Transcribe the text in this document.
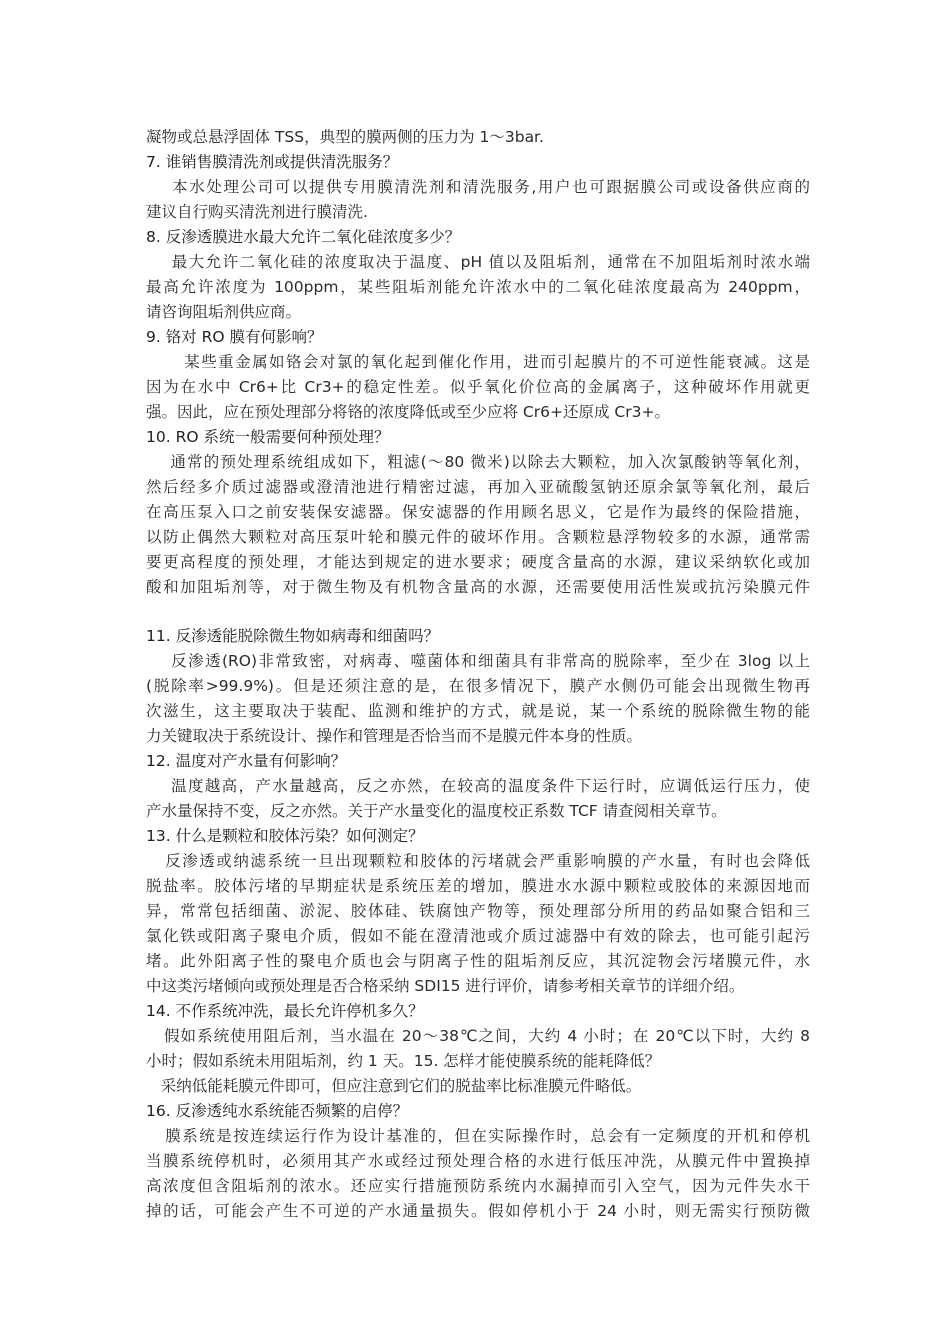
凝物或总悬浮固体 TSS，典型的膜两侧的压力为 1～3bar.
7. 谁销售膜清洗剂或提供清洗服务？
本水处理公司可以提供专用膜清洗剂和清洗服务,用户也可跟据膜公司或设备供应商的
建议自行购买清洗剂进行膜清洗.
8. 反渗透膜进水最大允许二氧化硅浓度多少？
最大允许二氧化硅的浓度取决于温度、pH 值以及阻垢剂，通常在不加阻垢剂时浓水端
最高允许浓度为 100ppm，某些阻垢剂能允许浓水中的二氧化硅浓度最高为 240ppm，
请咨询阻垢剂供应商。
9. 铬对 RO 膜有何影响？
某些重金属如铬会对氯的氧化起到催化作用，进而引起膜片的不可逆性能衰减。这是
因为在水中 Cr6+比 Cr3+的稳定性差。似乎氧化价位高的金属离子，这种破坏作用就更
强。因此，应在预处理部分将铬的浓度降低或至少应将 Cr6+还原成 Cr3+。
10. RO 系统一般需要何种预处理？
通常的预处理系统组成如下，粗滤(～80 微米)以除去大颗粒，加入次氯酸钠等氧化剂，
然后经多介质过滤器或澄清池进行精密过滤，再加入亚硫酸氢钠还原余氯等氧化剂，最后
在高压泵入口之前安装保安滤器。保安滤器的作用顾名思义，它是作为最终的保险措施，
以防止偶然大颗粒对高压泵叶轮和膜元件的破坏作用。含颗粒悬浮物较多的水源，通常需
要更高程度的预处理，才能达到规定的进水要求；硬度含量高的水源，建议采纳软化或加
酸和加阻垢剂等，对于微生物及有机物含量高的水源，还需要使用活性炭或抗污染膜元件
11. 反渗透能脱除微生物如病毒和细菌吗？
反渗透(RO)非常致密，对病毒、噬菌体和细菌具有非常高的脱除率，至少在 3log 以上
(脱除率>99.9%)。但是还须注意的是，在很多情况下，膜产水侧仍可能会出现微生物再
次滋生，这主要取决于装配、监测和维护的方式，就是说，某一个系统的脱除微生物的能
力关键取决于系统设计、操作和管理是否恰当而不是膜元件本身的性质。
12. 温度对产水量有何影响？
温度越高，产水量越高，反之亦然，在较高的温度条件下运行时，应调低运行压力，使
产水量保持不变，反之亦然。关于产水量变化的温度校正系数 TCF 请查阅相关章节。
13. 什么是颗粒和胶体污染？如何测定？
反渗透或纳滤系统一旦出现颗粒和胶体的污堵就会严重影响膜的产水量，有时也会降低
脱盐率。胶体污堵的早期症状是系统压差的增加，膜进水水源中颗粒或胶体的来源因地而
异，常常包括细菌、淤泥、胶体硅、铁腐蚀产物等，预处理部分所用的药品如聚合铝和三
氯化铁或阳离子聚电介质，假如不能在澄清池或介质过滤器中有效的除去，也可能引起污
堵。此外阳离子性的聚电介质也会与阴离子性的阻垢剂反应，其沉淀物会污堵膜元件，水
中这类污堵倾向或预处理是否合格采纳 SDI15 进行评价，请参考相关章节的详细介绍。
14. 不作系统冲洗，最长允许停机多久？
假如系统使用阻后剂，当水温在 20～38℃之间，大约 4 小时；在 20℃以下时，大约 8
小时；假如系统未用阻垢剂，约 1 天。15. 怎样才能使膜系统的能耗降低？
采纳低能耗膜元件即可，但应注意到它们的脱盐率比标准膜元件略低。
16. 反渗透纯水系统能否频繁的启停？
膜系统是按连续运行作为设计基准的，但在实际操作时，总会有一定频度的开机和停机
当膜系统停机时，必须用其产水或经过预处理合格的水进行低压冲洗，从膜元件中置换掉
高浓度但含阻垢剂的浓水。还应实行措施预防系统内水漏掉而引入空气，因为元件失水干
掉的话，可能会产生不可逆的产水通量损失。假如停机小于 24 小时，则无需实行预防微
